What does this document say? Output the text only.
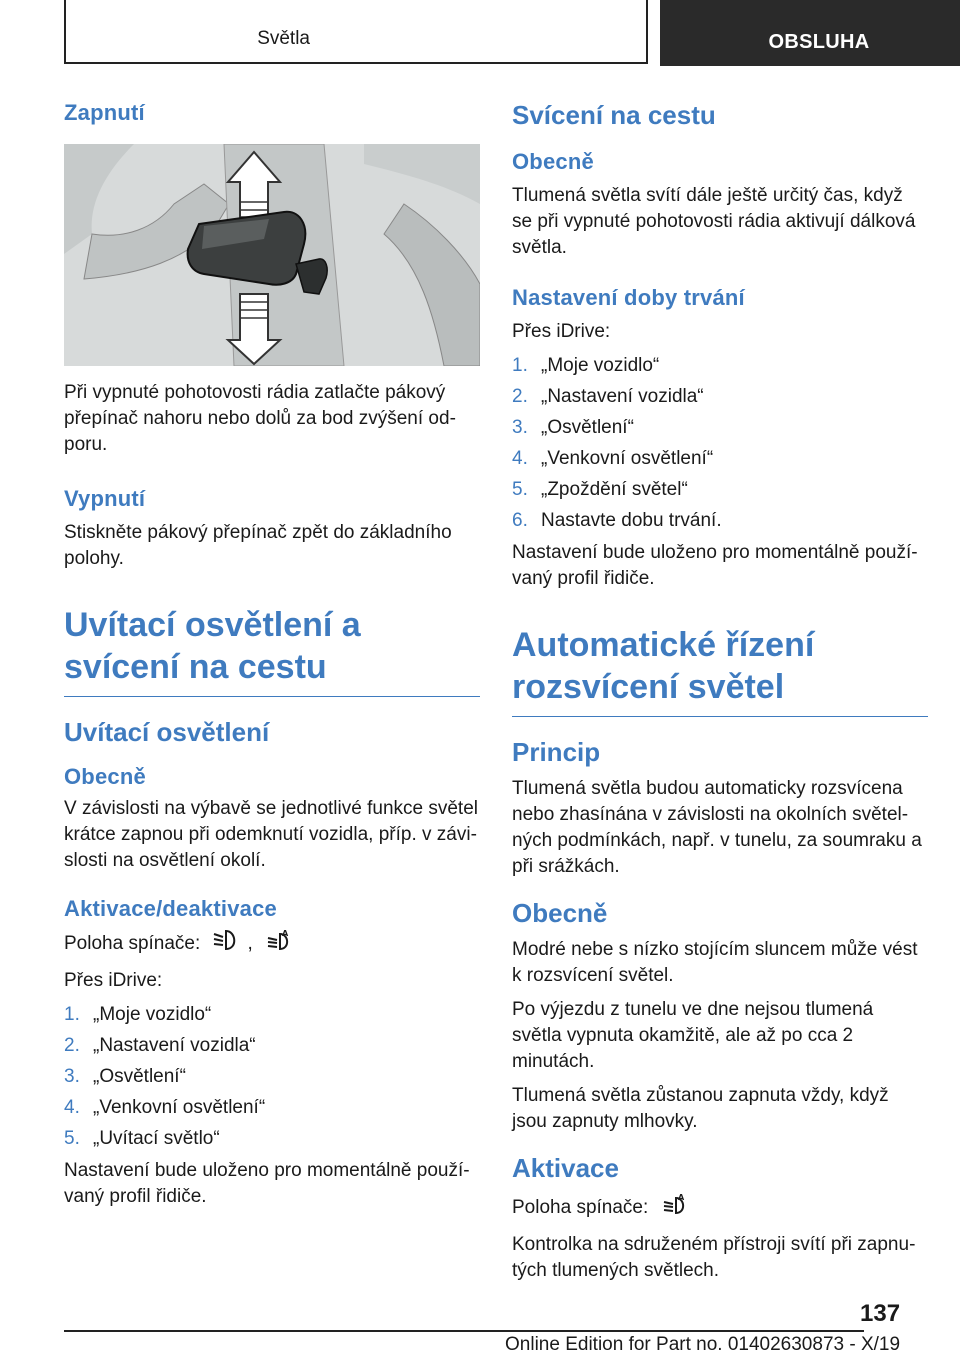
Světla	OBSLUHA
Zapnutí

Při vypnuté pohotovosti rádia zatlačte pákový přepínač nahoru nebo dolů za bod zvýšení odporu.

Vypnutí

Stiskněte pákový přepínač zpět do základního polohy.

Uvítací osvětlení a svícení na cestu
Uvítací osvětlení
Obecně

V závislosti na výbavě se jednotlivé funkce světel krátce zapnou při odemknutí vozidla, příp. v závislosti na osvětlení okolí.

Aktivace/deaktivace

Poloha spínače: ,	A

Přes iDrive:

1. „Moje vozidlo“
2. „Nastavení vozidla“
3. „Osvětlení“
4. „Venkovní osvětlení“
5. „Uvítací světlo“

Nastavení bude uloženo pro momentálně používaný profil řidiče.

Svícení na cestu
Obecně

Tlumená světla svítí dále ještě určitý čas, když se při vypnuté pohotovosti rádia aktivují dálková světla.

Nastavení doby trvání

Přes iDrive:

1. „Moje vozidlo“
2. „Nastavení vozidla“
3. „Osvětlení“
4. „Venkovní osvětlení“
5. „Zpoždění světel“
6. Nastavte dobu trvání.

Nastavení bude uloženo pro momentálně používaný profil řidiče.

Automatické řízení rozsvícení světel
Princip

Tlumená světla budou automaticky rozsvícena nebo zhasínána v závislosti na okolních světelných podmínkách, např. v tunelu, za soumraku a při srážkách.

Obecně

Modré nebe s nízko stojícím sluncem může vést k rozsvícení světel.

Po výjezdu z tunelu ve dne nejsou tlumená světla vypnuta okamžitě, ale až po cca 2 minutách.

Tlumená světla zůstanou zapnuta vždy, když jsou zapnuty mlhovky.

Aktivace

Poloha spínače:	A

Kontrolka na sdruženém přístroji svítí při zapnutých tlumených světlech.

137
Online Edition for Part no. 01402630873 - X/19
